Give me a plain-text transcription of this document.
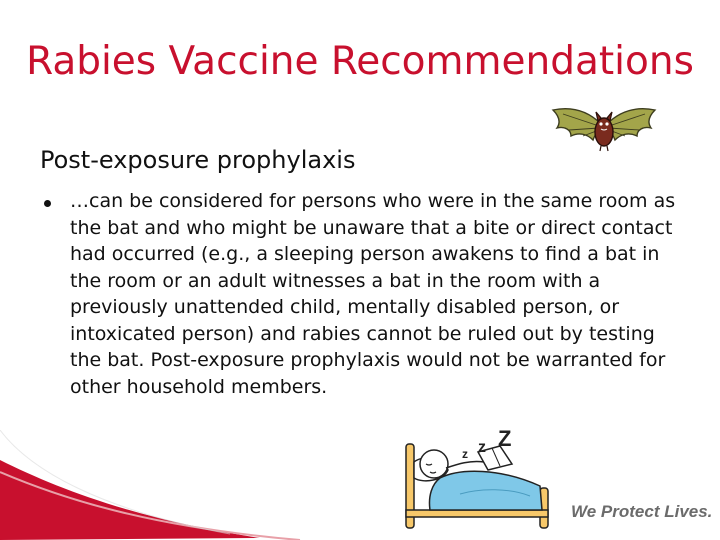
Rabies Vaccine Recommendations
Post-exposure prophylaxis
…can be considered for persons who were in the same room as the bat and who might be unaware that a bite or direct contact had occurred (e.g., a sleeping person awakens to find a bat in the room or an adult witnesses a bat in the room with a previously unattended child, mentally disabled person, or intoxicated person) and rabies cannot be ruled out by testing the bat. Post-exposure prophylaxis would not be warranted for other household members.
z z Z
We Protect Lives.
